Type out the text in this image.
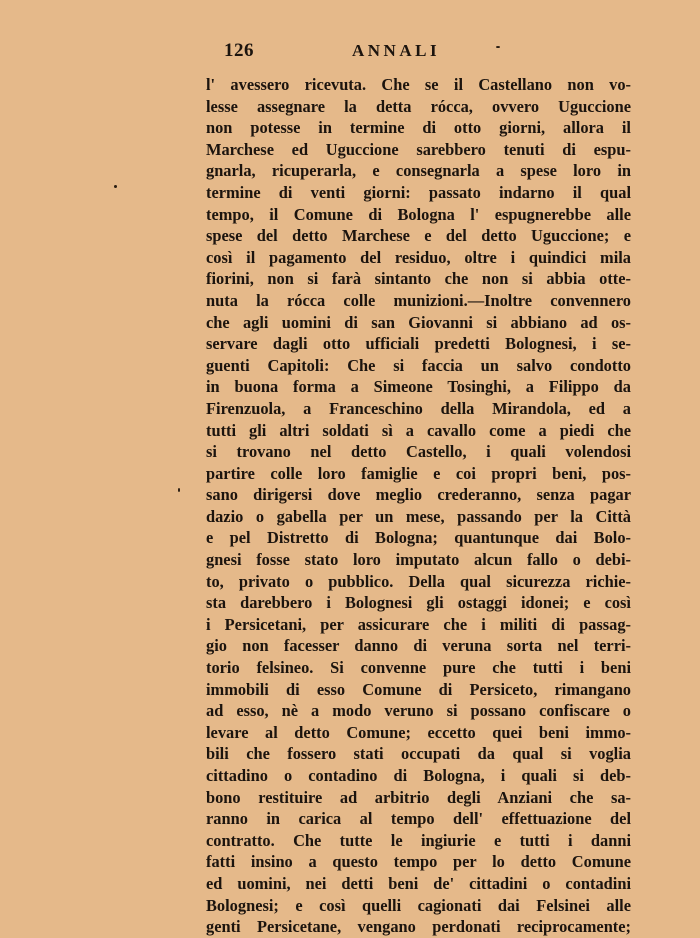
126	ANNALI
l' avessero ricevuta. Che se il Castellano non vo-
lesse assegnare la detta rócca, ovvero Uguccione
non potesse in termine di otto giorni, allora il
Marchese ed Uguccione sarebbero tenuti di espu-
gnarla, ricuperarla, e consegnarla a spese loro in
termine di venti giorni: passato indarno il qual
tempo, il Comune di Bologna l' espugnerebbe alle
spese del detto Marchese e del detto Uguccione; e
così il pagamento del residuo, oltre i quindici mila
fiorini, non si farà sintanto che non si abbia otte-
nuta la rócca colle munizioni.—Inoltre convennero
che agli uomini di san Giovanni si abbiano ad os-
servare dagli otto ufficiali predetti Bolognesi, i se-
guenti Capitoli: Che si faccia un salvo condotto
in buona forma a Simeone Tosinghi, a Filippo da
Firenzuola, a Franceschino della Mirandola, ed a
tutti gli altri soldati sì a cavallo come a piedi che
si trovano nel detto Castello, i quali volendosi
partire colle loro famiglie e coi propri beni, pos-
sano dirigersi dove meglio crederanno, senza pagar
dazio o gabella per un mese, passando per la Città
e pel Distretto di Bologna; quantunque dai Bolo-
gnesi fosse stato loro imputato alcun fallo o debi-
to, privato o pubblico. Della qual sicurezza richie-
sta darebbero i Bolognesi gli ostaggi idonei; e così
i Persicetani, per assicurare che i militi di passag-
gio non facesser danno di veruna sorta nel terri-
torio felsineo. Si convenne pure che tutti i beni
immobili di esso Comune di Persiceto, rimangano
ad esso, nè a modo veruno si possano confiscare o
levare al detto Comune; eccetto quei beni immo-
bili che fossero stati occupati da qual si voglia
cittadino o contadino di Bologna, i quali si deb-
bono restituire ad arbitrio degli Anziani che sa-
ranno in carica al tempo dell' effettuazione del
contratto. Che tutte le ingiurie e tutti i danni
fatti insino a questo tempo per lo detto Comune
ed uomini, nei detti beni de' cittadini o contadini
Bolognesi; e così quelli cagionati dai Felsinei alle
genti Persicetane, vengano perdonati reciprocamente;
